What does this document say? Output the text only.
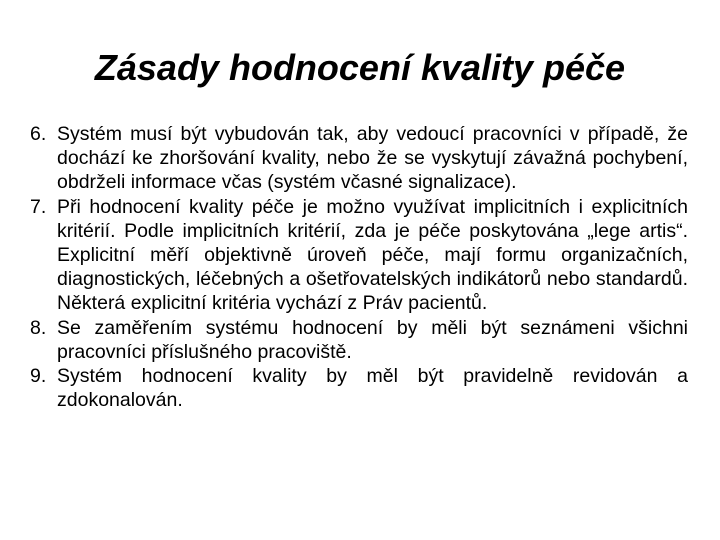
Zásady hodnocení kvality péče
6. Systém musí být vybudován tak, aby vedoucí pracovníci v případě, že dochází ke zhoršování kvality, nebo že se vyskytují závažná pochybení, obdrželi informace včas (systém včasné signalizace).
7. Při hodnocení kvality péče je možno využívat implicitních i explicitních kritérií. Podle implicitních kritérií, zda je péče poskytována „lege artis“. Explicitní měří objektivně úroveň péče, mají formu organizačních, diagnostických, léčebných a ošetřovatelských indikátorů nebo standardů. Některá explicitní kritéria vychází z Práv pacientů.
8. Se zaměřením systému hodnocení by měli být seznámeni všichni pracovníci příslušného pracoviště.
9. Systém hodnocení kvality by měl být pravidelně revidován a zdokonalován.
